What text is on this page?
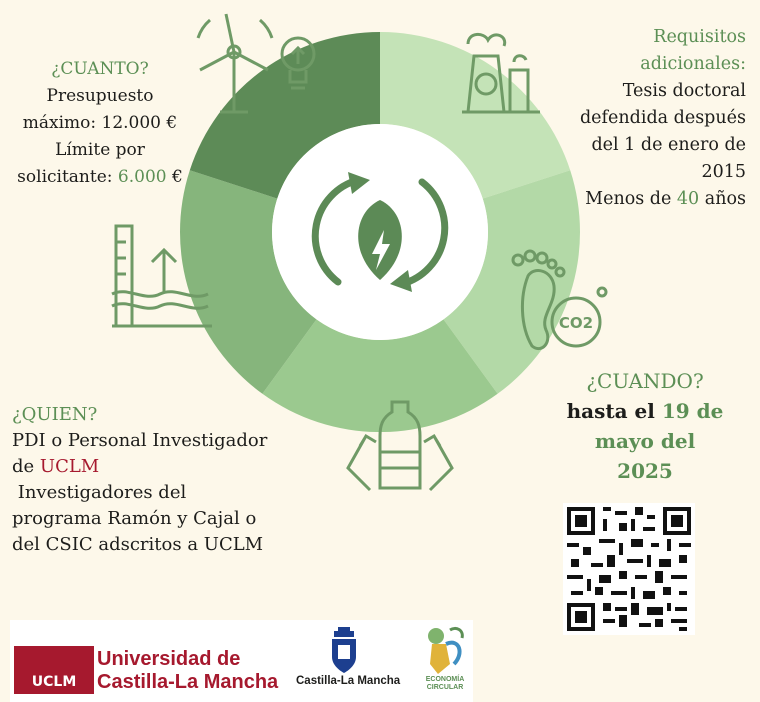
CO2
¿CUANTO?
Presupuesto
máximo: 12.000 €
Límite por
solicitante: 6.000 €
Requisitos
adicionales:
Tesis doctoral
defendida después
del 1 de enero de
2015
Menos de 40 años
¿CUANDO?
hasta el 19 de
mayo del
2025
¿QUIEN?
PDI o Personal Investigador
de UCLM
Investigadores del
programa Ramón y Cajal o
del CSIC adscritos a UCLM
UCLM
Universidad de
Castilla-La Mancha Castilla-La Mancha	ECONOMÍA
CIRCULAR
